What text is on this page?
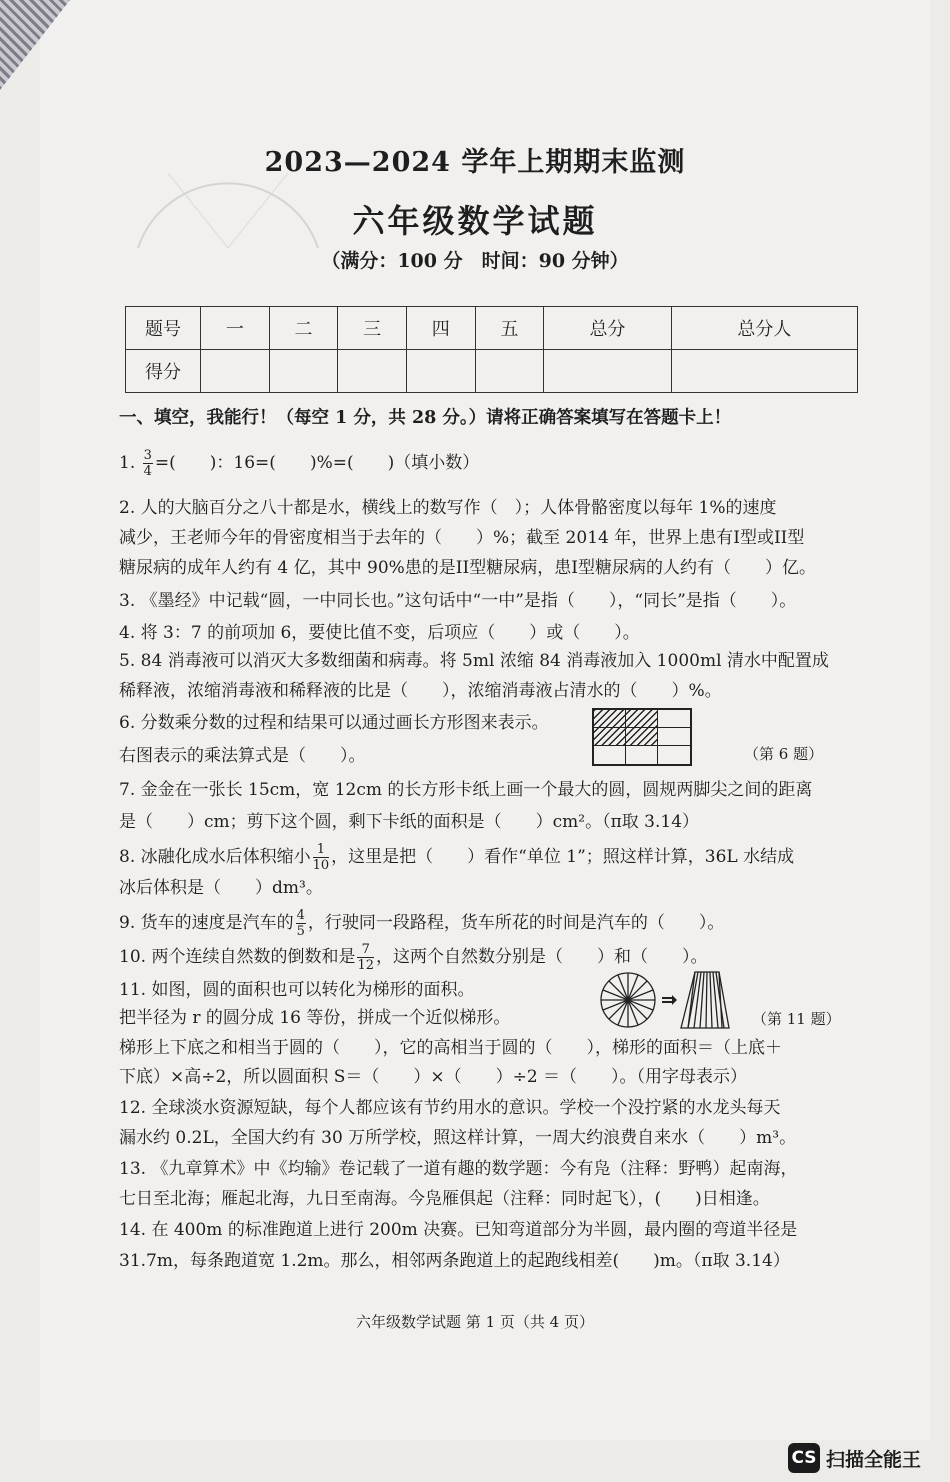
2023—2024 学年上期期末监测
六年级数学试题
（满分：100 分　时间：90 分钟）
题号	一	二	三	四	五	总分	总分人
得分							
一、填空，我能行！（每空 1 分，共 28 分。）请将正确答案填写在答题卡上！
1. $\frac{3}{4}$ =(　　)：16=(　　)%=(　　)（填小数）
2. 人的大脑百分之八十都是水，横线上的数写作（　）；人体骨骼密度以每年 1%的速度
减少，王老师今年的骨密度相当于去年的（　　）%；截至 2014 年，世界上患有I型或II型
糖尿病的成年人约有 4 亿，其中 90%患的是II型糖尿病，患I型糖尿病的人约有（　　）亿。
3. 《墨经》中记载“圆，一中同长也。”这句话中“一中”是指（　　），“同长”是指（　　）。
4. 将 3：7 的前项加 6，要使比值不变，后项应（　　）或（　　）。
5. 84 消毒液可以消灭大多数细菌和病毒。将 5ml 浓缩 84 消毒液加入 1000ml 清水中配置成
稀释液，浓缩消毒液和稀释液的比是（　　），浓缩消毒液占清水的（　　）%。
6. 分数乘分数的过程和结果可以通过画长方形图来表示。
右图表示的乘法算式是（　　）。	（第 6 题）
7. 金金在一张长 15cm，宽 12cm 的长方形卡纸上画一个最大的圆，圆规两脚尖之间的距离
是（　　）cm；剪下这个圆，剩下卡纸的面积是（　　）cm²。（π取 3.14）
8. 冰融化成水后体积缩小 $\frac{1}{10}$ ，这里是把（　　）看作“单位 1”；照这样计算，36L 水结成
冰后体积是（　　）dm³。
9. 货车的速度是汽车的 $\frac{4}{5}$ ，行驶同一段路程，货车所花的时间是汽车的（　　）。
10. 两个连续自然数的倒数和是 $\frac{7}{12}$ ，这两个自然数分别是（　　）和（　　）。
11. 如图，圆的面积也可以转化为梯形的面积。
把半径为 r 的圆分成 16 等份，拼成一个近似梯形。	（第 11 题）
梯形上下底之和相当于圆的（　　），它的高相当于圆的（　　），梯形的面积＝（上底＋
下底）×高÷2，所以圆面积 S＝（　　）×（　　）÷2 ＝（　　）。（用字母表示）
12. 全球淡水资源短缺，每个人都应该有节约用水的意识。学校一个没拧紧的水龙头每天
漏水约 0.2L，全国大约有 30 万所学校，照这样计算，一周大约浪费自来水（　　）m³。
13. 《九章算术》中《均输》卷记载了一道有趣的数学题：今有凫（注释：野鸭）起南海，
七日至北海；雁起北海，九日至南海。今凫雁俱起（注释：同时起飞），(　　)日相逢。
14. 在 400m 的标准跑道上进行 200m 决赛。已知弯道部分为半圆，最内圈的弯道半径是
31.7m，每条跑道宽 1.2m。那么，相邻两条跑道上的起跑线相差(　　)m。（π取 3.14）
六年级数学试题 第 1 页（共 4 页）
CS 扫描全能王
